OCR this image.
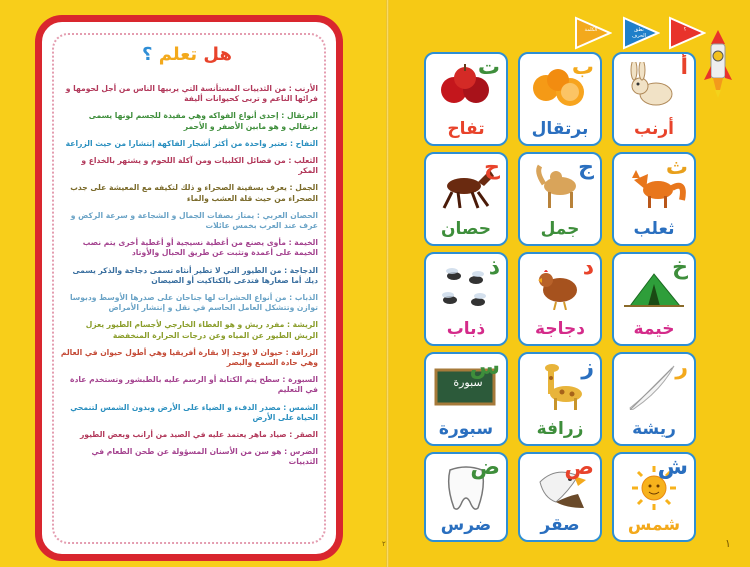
هل تعلم ؟
الأرنب : من الثدييات المستأنسة التي يربيها الناس من أجل لحومها و فرائها الناعم و تربى كحيوانات أليفة
البرتقال : إحدى أنواع الفواكه وهي مفيدة للجسم لونها يسمى برتقالي و هو مابين الأصفر و الأحمر
التفاح : تعتبر واحدة من أكثر أشجار الفاكهة إنتشارا من حيث الزراعة
الثعلب : من فصائل الكلبيات ومن آكلة اللحوم و يشتهر بالخداع و المكر
الجمل : يعرف بسفينة الصحراء و ذلك لتكيفه مع المعيشة على جدب الصحراء من حيث قلة العشب والماء
الحصان العربي : يمتاز بصفات الجمال و الشجاعة و سرعة الركض و عرف عند العرب بخمس عائلات
الخيمة : مأوى يصنع من أغطية نسيجية أو أغطية أخرى يتم نصب الخيمة على أعمدة وتثبت عن طريق الحبال والأوتاد
الدجاجة : من الطيور التي لا تطير أنثاه تسمى دجاجة والذكر يسمى ديك أما صغارها فتدعى بالكتاكيت أو الصيصان
الذباب : من أنواع الحشرات لها جناحان على صدرها الأوسط ودبوسا توازن وتتشكل العامل الحاسم في نقل و إنتشار الأمراض
الريشة : مفرد ريش و هو الغطاء الخارجي لأجسام الطيور يعزل الريش الطيور عن المياه وعن درجات الحرارة المنخفضة
الزرافة : حيوان لا يوجد إلا بقارة أفريقيا وهي أطول حيوان في العالم وهي حادة السمع والبصر
السبورة : سطح يتم الكتابة أو الرسم عليه بالطبشور وتستخدم عادة في التعليم
الشمس : مصدر الدفء و الضياء على الأرض وبدون الشمس لتنمحي الحياة على الأرض
الصقر : صياد ماهر يعتمد عليه في الصيد من أرانب وبعض الطيور
الضرس : هو سن من الأسنان المسؤولة عن طحن الطعام في الثدييات
الكلمة	نطق الحرف
؟
أ
أرنب
ب
برتقال
ت
تفاح
ث
ثعلب
ج
جمل
ح
حصان
خ
خيمة
د
دجاجة
ذ
ذباب
ر
ريشة
ز
زرافة
سبورة
س
سبورة
ش
شمس
ص
صقر
ض
ضرس
١
٢
